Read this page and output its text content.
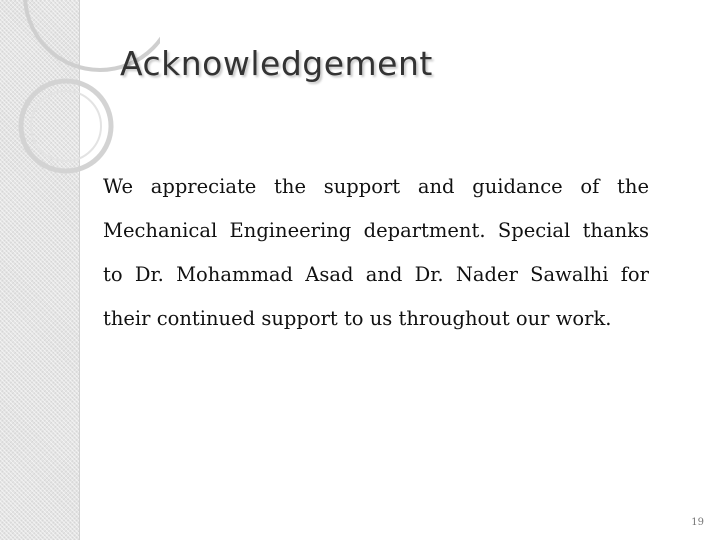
Acknowledgement

We appreciate the support and guidance of the Mechanical Engineering department. Special thanks to Dr. Mohammad Asad and Dr. Nader Sawalhi for their continued support to us throughout our work.

19
